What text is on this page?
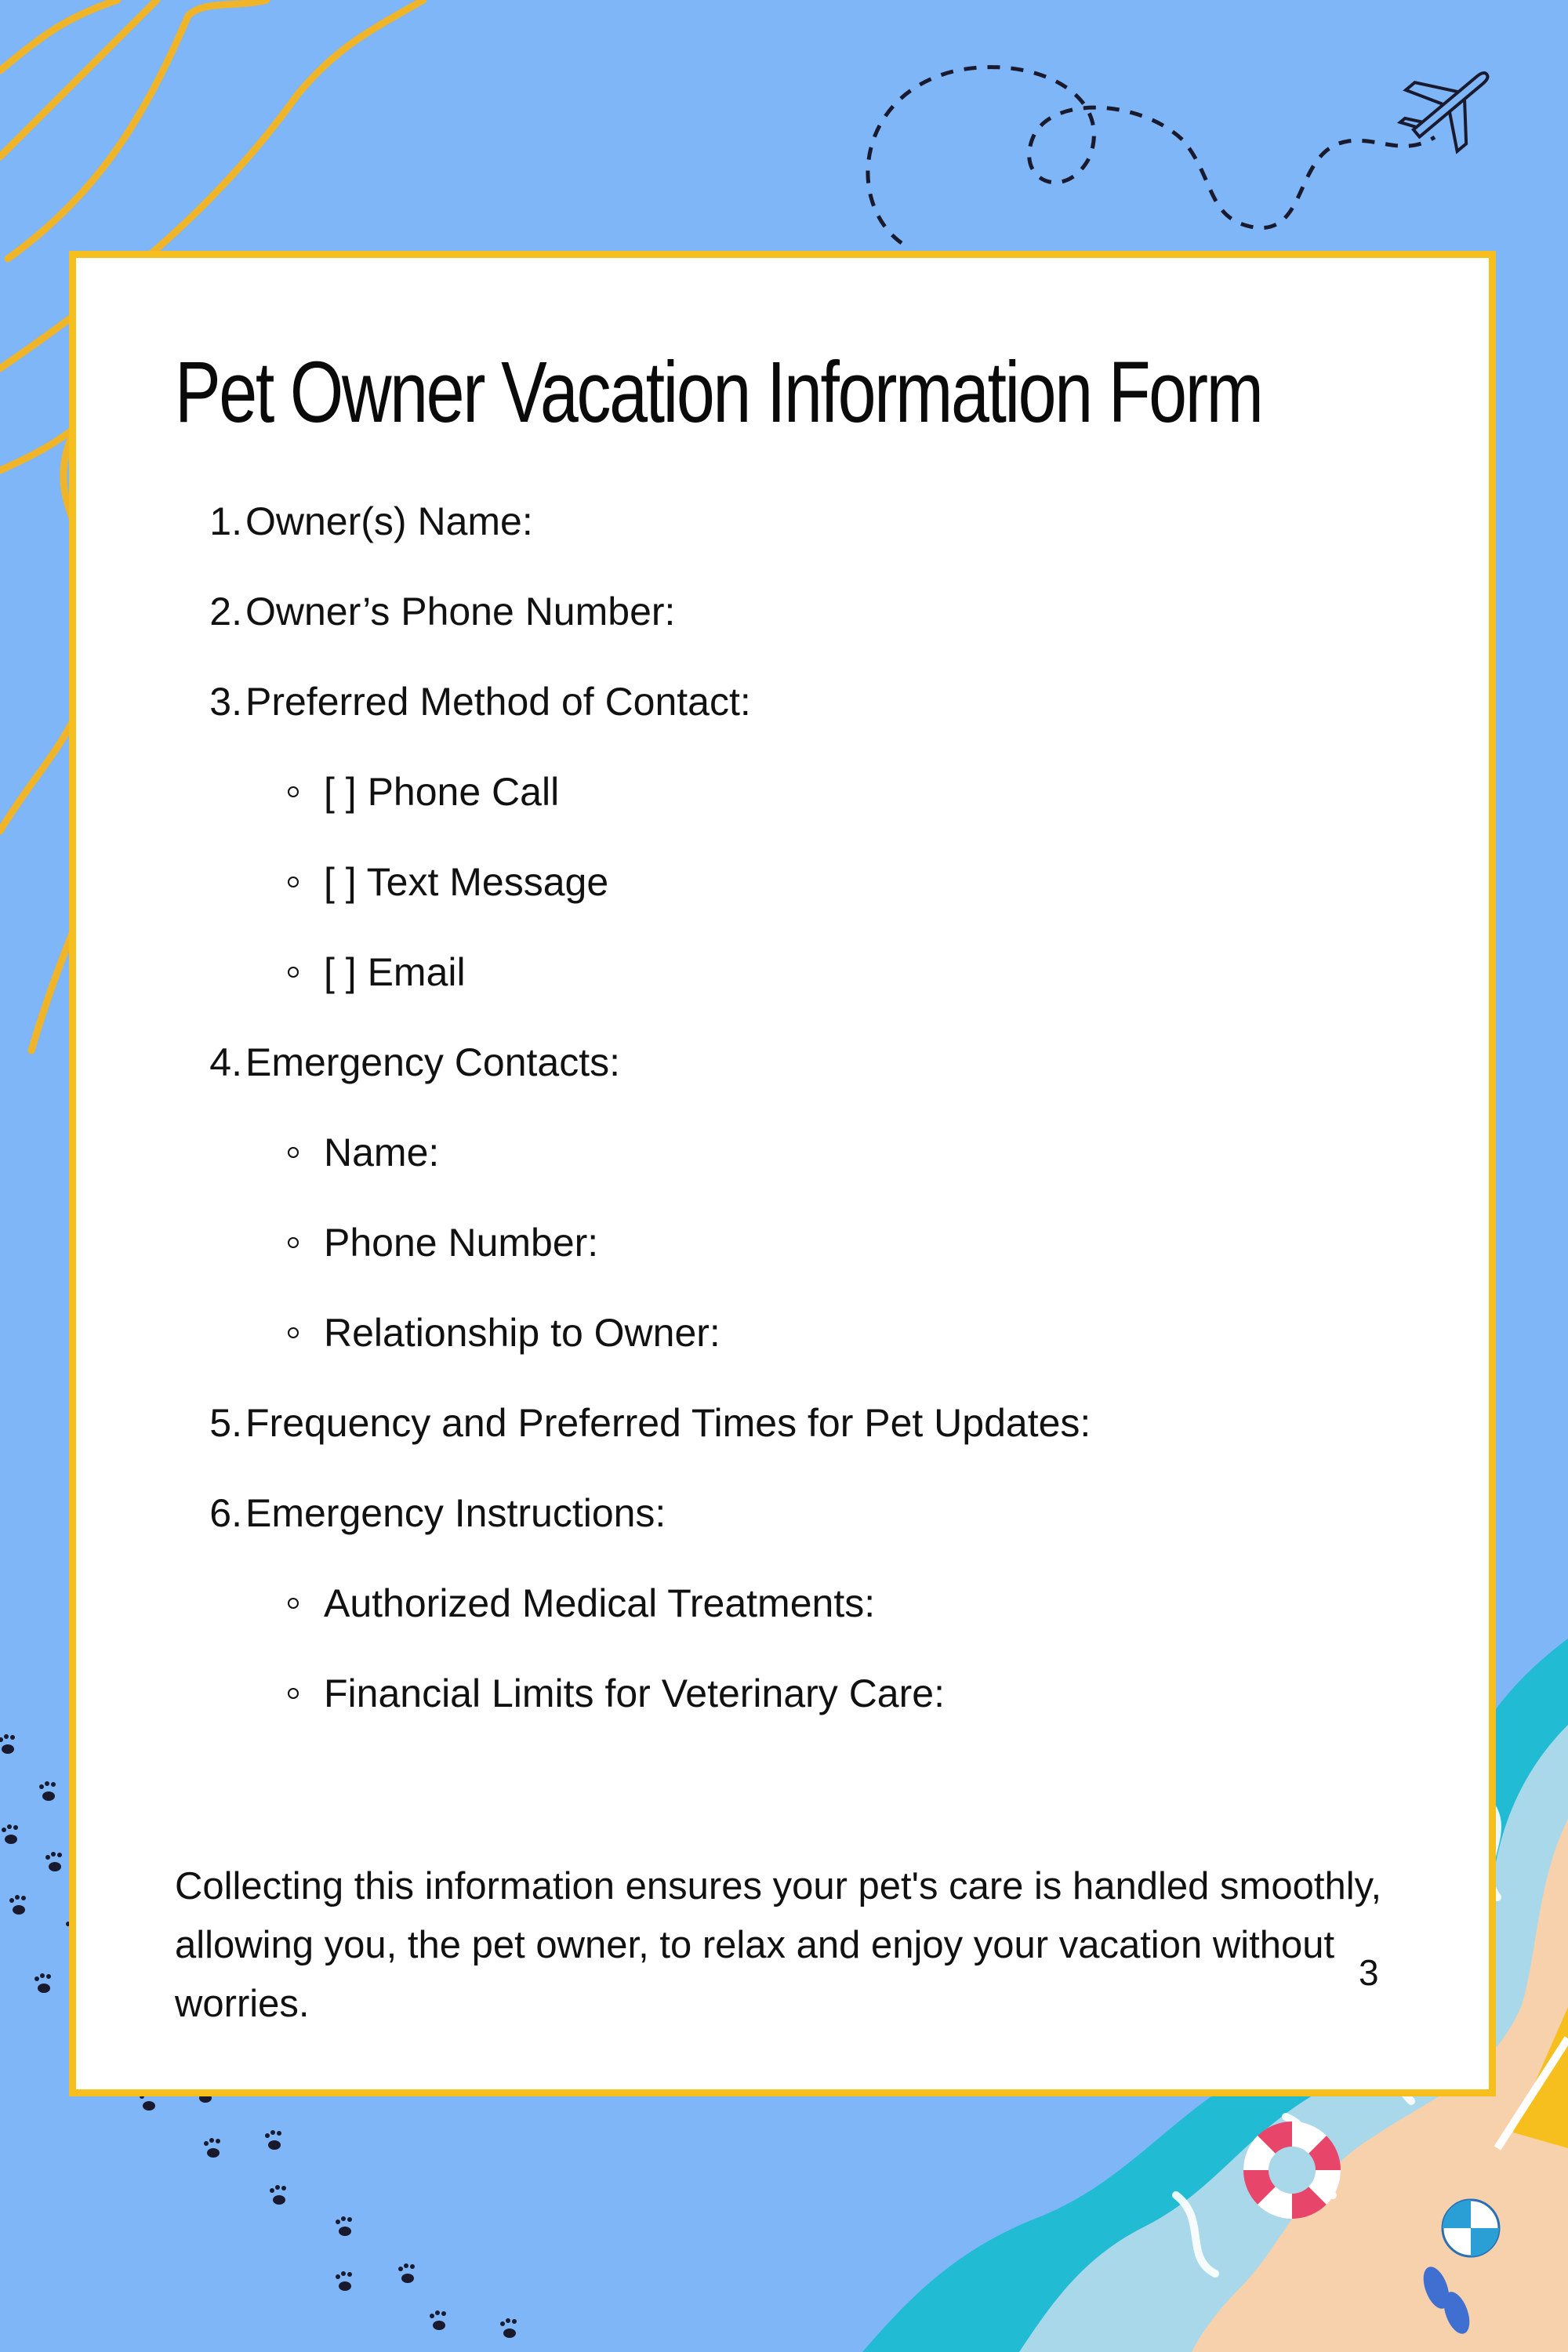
Pet Owner Vacation Information Form
1. Owner(s) Name:
2. Owner’s Phone Number:
3. Preferred Method of Contact:
[ ] Phone Call
[ ] Text Message
[ ] Email
4. Emergency Contacts:
Name:
Phone Number:
Relationship to Owner:
5. Frequency and Preferred Times for Pet Updates:
6. Emergency Instructions:
Authorized Medical Treatments:
Financial Limits for Veterinary Care:

Collecting this information ensures your pet's care is handled smoothly, allowing you, the pet owner, to relax and enjoy your vacation without worries.

3
